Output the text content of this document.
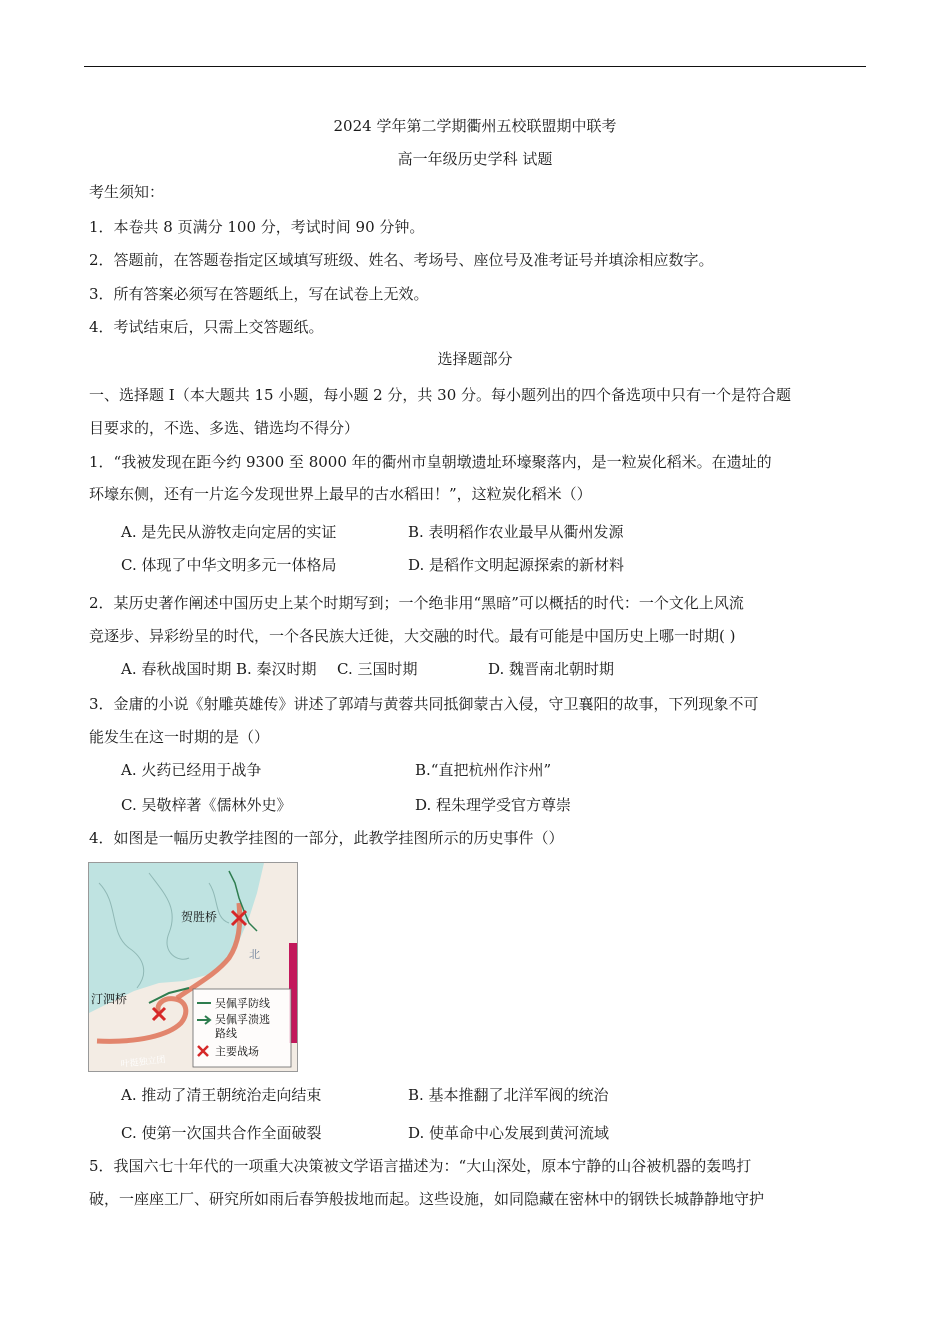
2024 学年第二学期衢州五校联盟期中联考
高一年级历史学科 试题
考生须知：
1．本卷共 8 页满分 100 分，考试时间 90 分钟。
2．答题前，在答题卷指定区域填写班级、姓名、考场号、座位号及准考证号并填涂相应数字。
3．所有答案必须写在答题纸上，写在试卷上无效。
4．考试结束后，只需上交答题纸。
选择题部分
一、选择题 I（本大题共 15 小题，每小题 2 分，共 30 分。每小题列出的四个备选项中只有一个是符合题
目要求的，不选、多选、错选均不得分）
1．“我被发现在距今约 9300 至 8000 年的衢州市皇朝墩遗址环壕聚落内，是一粒炭化稻米。在遗址的
环壕东侧，还有一片迄今发现世界上最早的古水稻田！”，这粒炭化稻米（）
A. 是先民从游牧走向定居的实证	B. 表明稻作农业最早从衢州发源
C. 体现了中华文明多元一体格局	D. 是稻作文明起源探索的新材料
2．某历史著作阐述中国历史上某个时期写到；一个绝非用“黑暗”可以概括的时代：一个文化上风流
竞逐步、异彩纷呈的时代，一个各民族大迁徙，大交融的时代。最有可能是中国历史上哪一时期( )
A. 春秋战国时期 B. 秦汉时期 C. 三国时期	D. 魏晋南北朝时期
3．金庸的小说《射雕英雄传》讲述了郭靖与黄蓉共同抵御蒙古入侵，守卫襄阳的故事，下列现象不可
能发生在这一时期的是（）
A. 火药已经用于战争	B.“直把杭州作汴州”
C. 吴敬梓著《儒林外史》	D. 程朱理学受官方尊崇
4．如图是一幅历史教学挂图的一部分，此教学挂图所示的历史事件（）
贺胜桥
汀泗桥
北
叶挺独立团
吴佩孚防线
吴佩孚溃逃
路线
主要战场
A. 推动了清王朝统治走向结束	B. 基本推翻了北洋军阀的统治
C. 使第一次国共合作全面破裂	D. 使革命中心发展到黄河流域
5．我国六七十年代的一项重大决策被文学语言描述为：“大山深处，原本宁静的山谷被机器的轰鸣打
破，一座座工厂、研究所如雨后春笋般拔地而起。这些设施，如同隐藏在密林中的钢铁长城静静地守护
